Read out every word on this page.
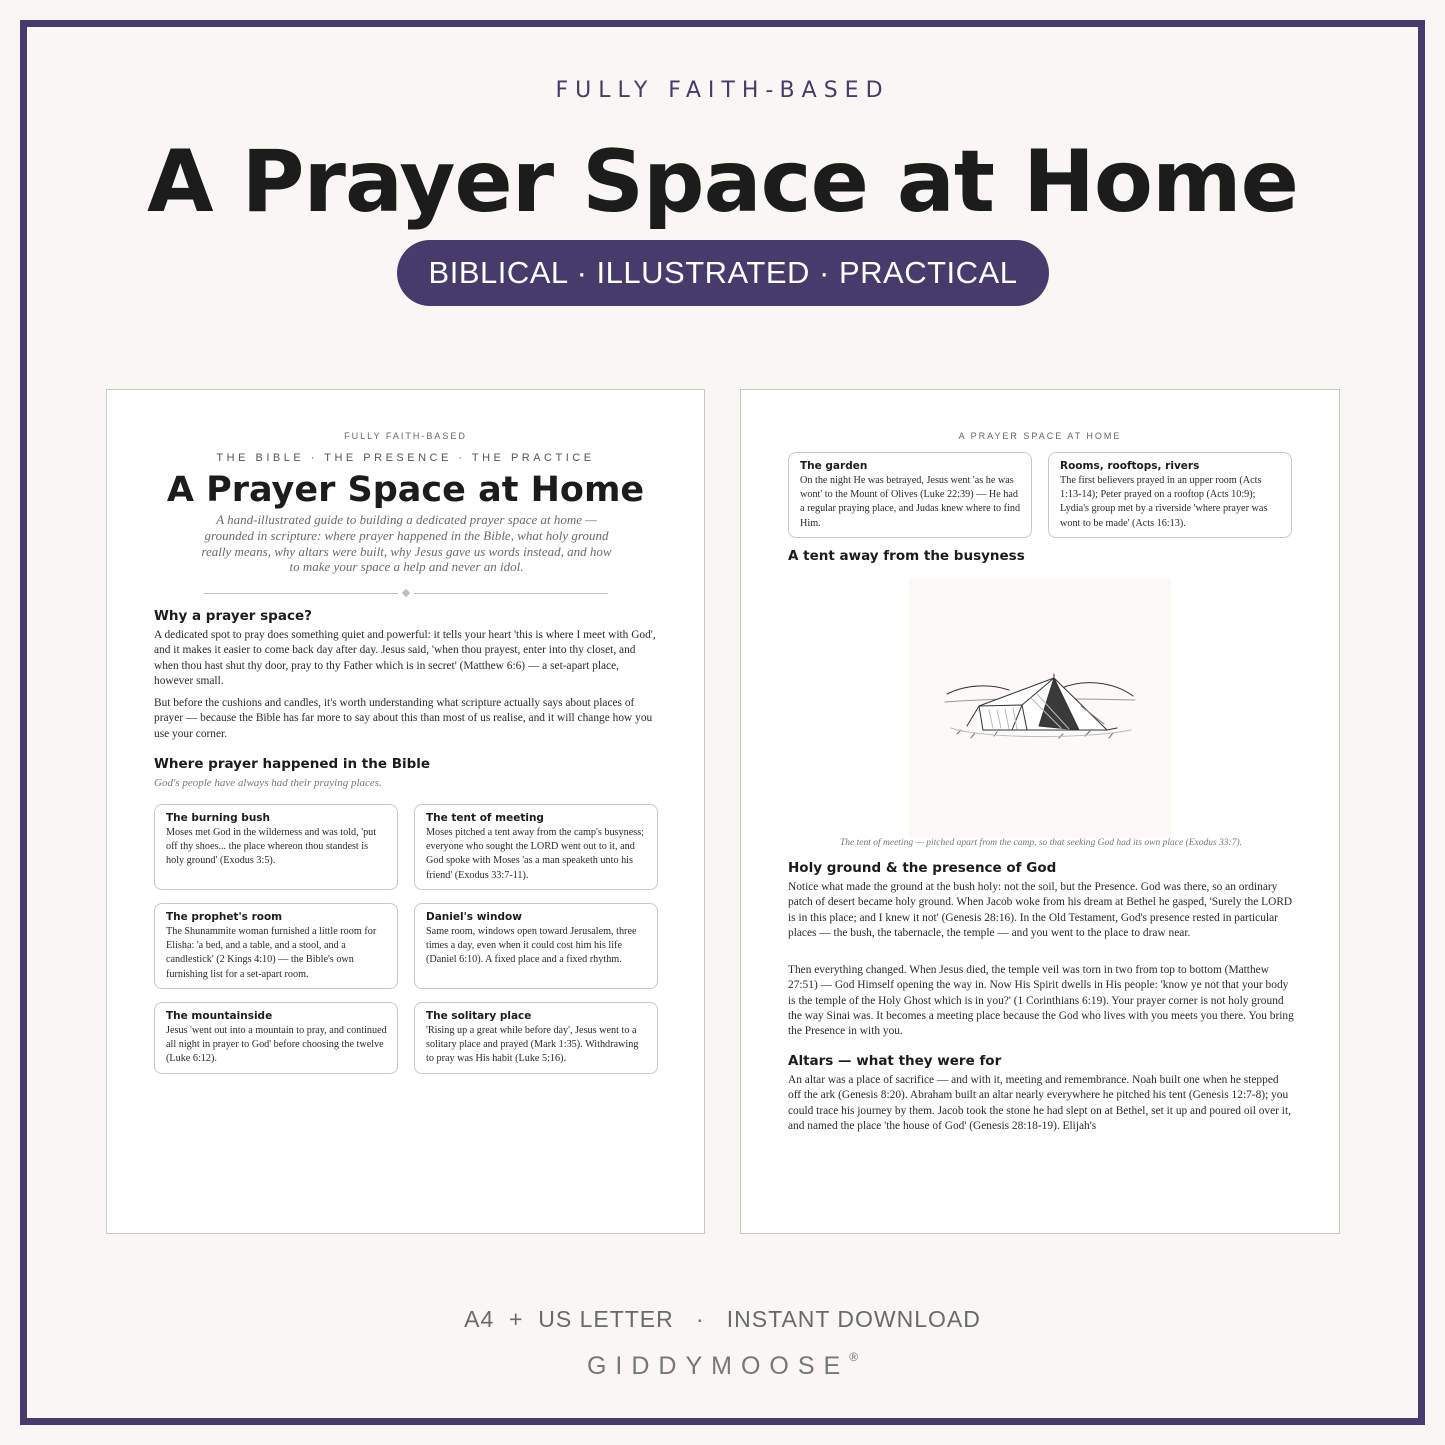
FULLY FAITH-BASED
A Prayer Space at Home
BIBLICAL · ILLUSTRATED · PRACTICAL
FULLY FAITH-BASED
THE BIBLE · THE PRESENCE · THE PRACTICE
A Prayer Space at Home
A hand-illustrated guide to building a dedicated prayer space at home — grounded in scripture: where prayer happened in the Bible, what holy ground really means, why altars were built, why Jesus gave us words instead, and how to make your space a help and never an idol.
Why a prayer space?
A dedicated spot to pray does something quiet and powerful: it tells your heart 'this is where I meet with God', and it makes it easier to come back day after day. Jesus said, 'when thou prayest, enter into thy closet, and when thou hast shut thy door, pray to thy Father which is in secret' (Matthew 6:6) — a set-apart place, however small.
But before the cushions and candles, it's worth understanding what scripture actually says about places of prayer — because the Bible has far more to say about this than most of us realise, and it will change how you use your corner.
Where prayer happened in the Bible
God's people have always had their praying places.
The burning bush
Moses met God in the wilderness and was told, 'put off thy shoes... the place whereon thou standest is holy ground' (Exodus 3:5).
The tent of meeting
Moses pitched a tent away from the camp's busyness; everyone who sought the LORD went out to it, and God spoke with Moses 'as a man speaketh unto his friend' (Exodus 33:7-11).
The prophet's room
The Shunammite woman furnished a little room for Elisha: 'a bed, and a table, and a stool, and a candlestick' (2 Kings 4:10) — the Bible's own furnishing list for a set-apart room.
Daniel's window
Same room, windows open toward Jerusalem, three times a day, even when it could cost him his life (Daniel 6:10). A fixed place and a fixed rhythm.
The mountainside
Jesus 'went out into a mountain to pray, and continued all night in prayer to God' before choosing the twelve (Luke 6:12).
The solitary place
'Rising up a great while before day', Jesus went to a solitary place and prayed (Mark 1:35). Withdrawing to pray was His habit (Luke 5:16).
A PRAYER SPACE AT HOME
The garden
On the night He was betrayed, Jesus went 'as he was wont' to the Mount of Olives (Luke 22:39) — He had a regular praying place, and Judas knew where to find Him.
Rooms, rooftops, rivers
The first believers prayed in an upper room (Acts 1:13-14); Peter prayed on a rooftop (Acts 10:9); Lydia's group met by a riverside 'where prayer was wont to be made' (Acts 16:13).
A tent away from the busyness
The tent of meeting — pitched apart from the camp, so that seeking God had its own place (Exodus 33:7).
Holy ground & the presence of God
Notice what made the ground at the bush holy: not the soil, but the Presence. God was there, so an ordinary patch of desert became holy ground. When Jacob woke from his dream at Bethel he gasped, 'Surely the LORD is in this place; and I knew it not' (Genesis 28:16). In the Old Testament, God's presence rested in particular places — the bush, the tabernacle, the temple — and you went to the place to draw near.
Then everything changed. When Jesus died, the temple veil was torn in two from top to bottom (Matthew 27:51) — God Himself opening the way in. Now His Spirit dwells in His people: 'know ye not that your body is the temple of the Holy Ghost which is in you?' (1 Corinthians 6:19). Your prayer corner is not holy ground the way Sinai was. It becomes a meeting place because the God who lives with you meets you there. You bring the Presence in with you.
Altars — what they were for
An altar was a place of sacrifice — and with it, meeting and remembrance. Noah built one when he stepped off the ark (Genesis 8:20). Abraham built an altar nearly everywhere he pitched his tent (Genesis 12:7-8); you could trace his journey by them. Jacob took the stone he had slept on at Bethel, set it up and poured oil over it, and named the place 'the house of God' (Genesis 28:18-19). Elijah's
A4  +  US LETTER   ·   INSTANT DOWNLOAD
GIDDYMOOSE®
